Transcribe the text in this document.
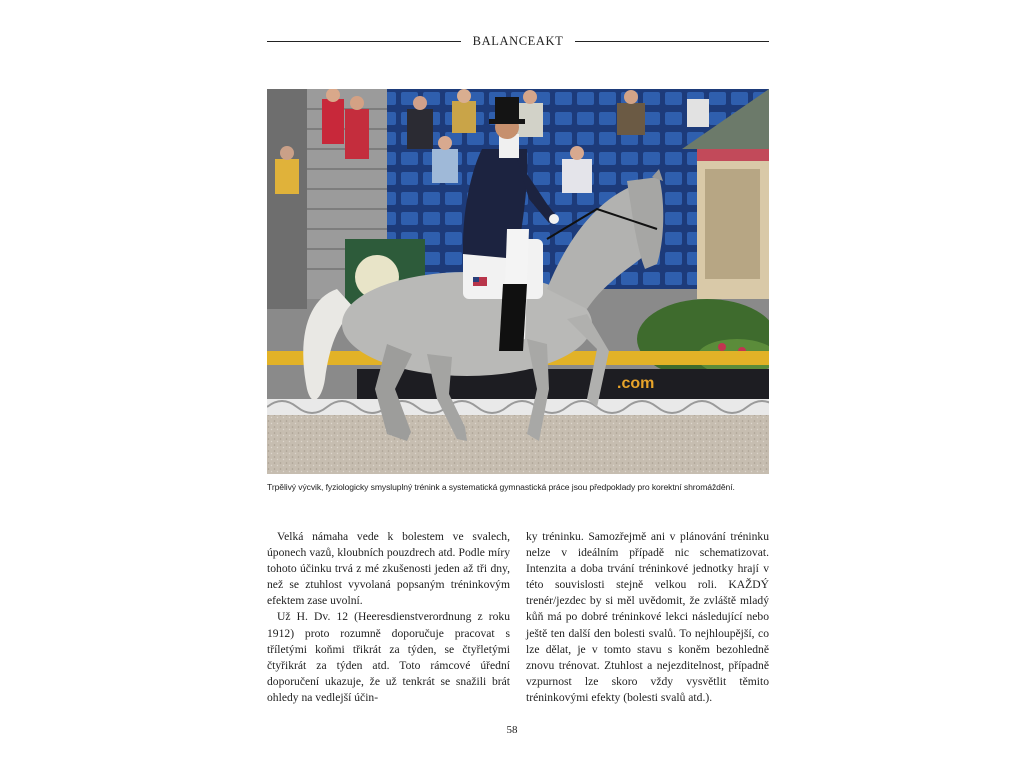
BALANCEAKT
.com
Trpělivý výcvik, fyziologicky smysluplný trénink a systematická gymnastická práce jsou předpoklady pro korektní shromáždění.

Velká námaha vede k bolestem ve svalech, úponech vazů, kloubních pouzdrech atd. Podle míry tohoto účinku trvá z mé zkušenosti jeden až tři dny, než se ztuhlost vyvolaná popsaným tréninkovým efektem zase uvolní.

Už H. Dv. 12 (Heeresdienstverordnung z roku 1912) proto rozumně doporučuje pracovat s tříletými koňmi třikrát za týden, se čtyřletými čtyřikrát za týden atd. Toto rámcové úřední doporučení ukazuje, že už tenkrát se snažili brát ohledy na vedlejší účin-

ky tréninku. Samozřejmě ani v plánování tréninku nelze v ideálním případě nic schematizovat. Intenzita a doba trvání tréninkové jednotky hrají v této souvislosti stejně velkou roli. KAŽDÝ trenér/jezdec by si měl uvědomit, že zvláště mladý kůň má po dobré tréninkové lekci následující nebo ještě ten další den bolesti svalů. To nejhloupější, co lze dělat, je v tomto stavu s koněm bezohledně znovu trénovat. Ztuhlost a nejezditelnost, případně vzpurnost lze skoro vždy vysvětlit těmito tréninkovými efekty (bolesti svalů atd.).

58
